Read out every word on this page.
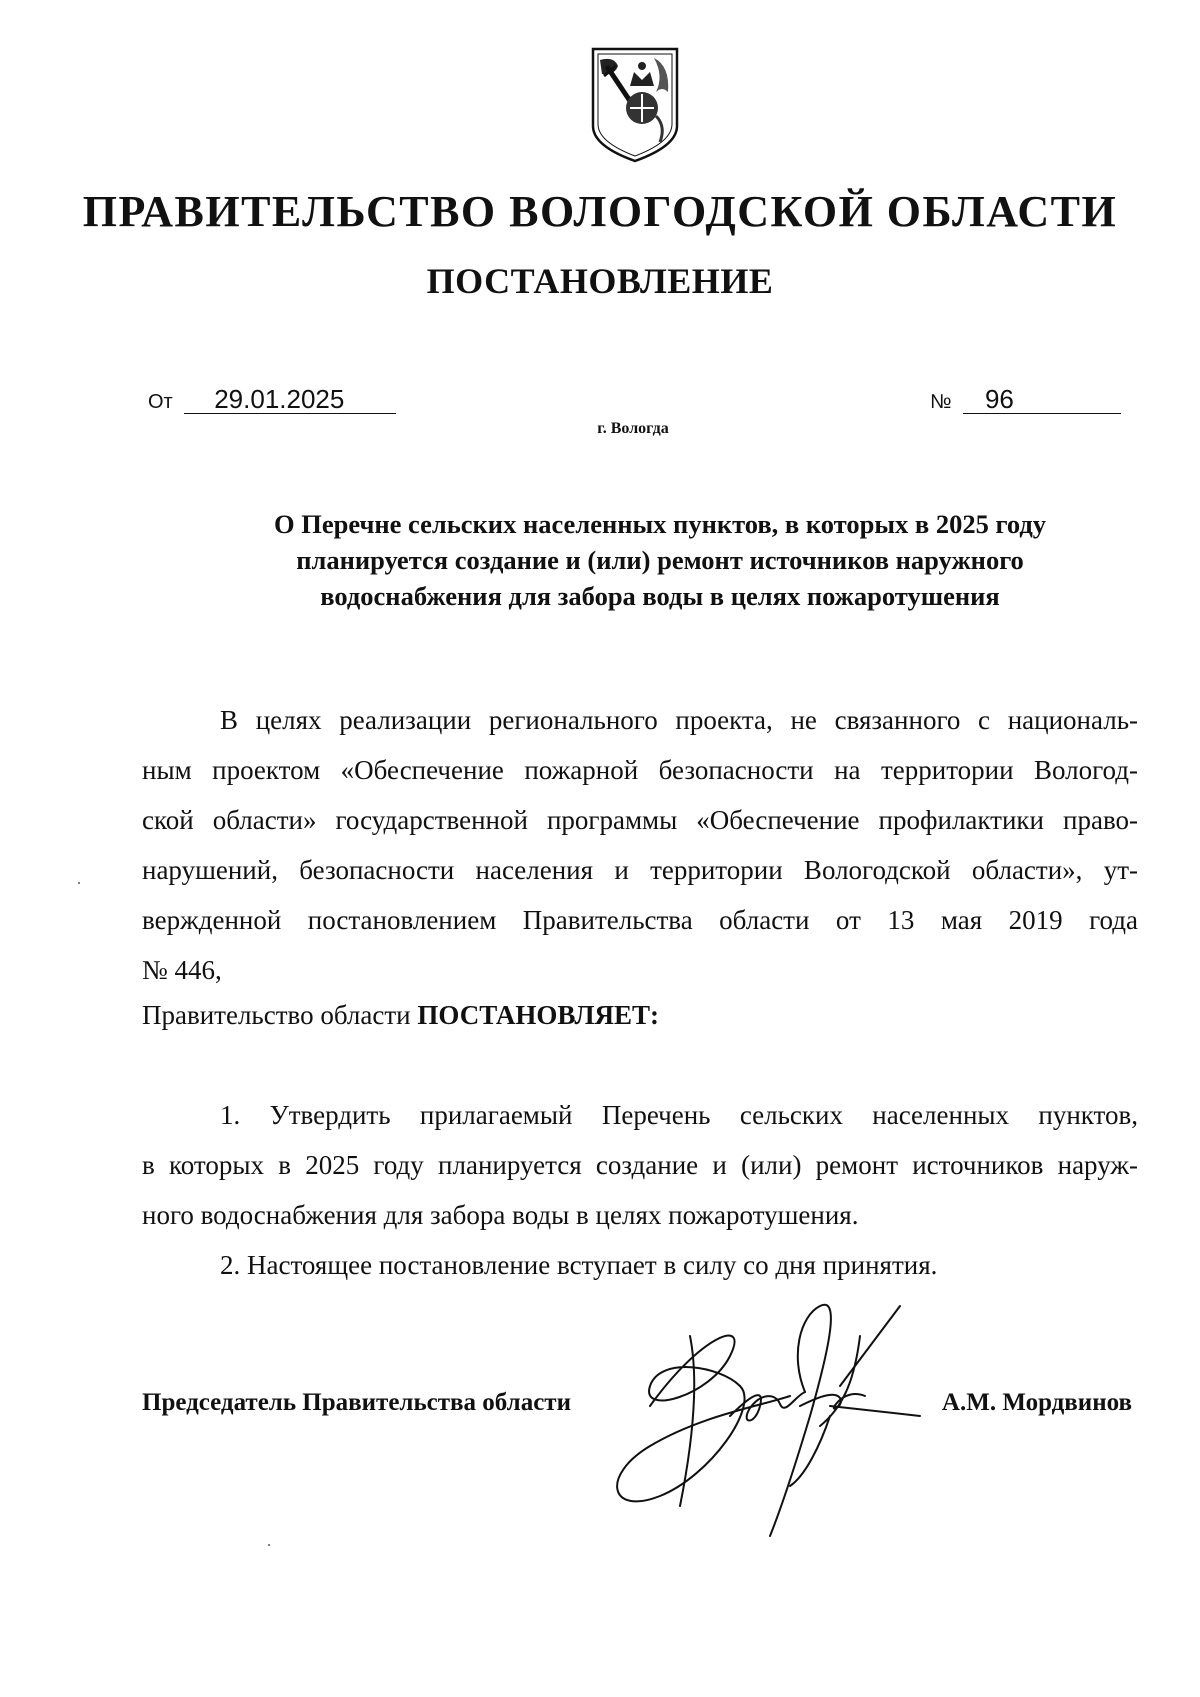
ПРАВИТЕЛЬСТВО ВОЛОГОДСКОЙ ОБЛАСТИ
ПОСТАНОВЛЕНИЕ
От 29.01.2025	№ 96
г. Вологда
О Перечне сельских населенных пунктов, в которых в 2025 году
планируется создание и (или) ремонт источников наружного
водоснабжения для забора воды в целях пожаротушения
В целях реализации регионального проекта, не связанного с националь-
ным проектом «Обеспечение пожарной безопасности на территории Вологод-
ской области» государственной программы «Обеспечение профилактики право-
нарушений, безопасности населения и территории Вологодской области», ут-
вержденной постановлением Правительства области от 13 мая 2019 года
№ 446,
Правительство области ПОСТАНОВЛЯЕТ:
1. Утвердить прилагаемый Перечень сельских населенных пунктов,
в которых в 2025 году планируется создание и (или) ремонт источников наруж-
ного водоснабжения для забора воды в целях пожаротушения.
2. Настоящее постановление вступает в силу со дня принятия.
Председатель Правительства области	А.М. Мордвинов
